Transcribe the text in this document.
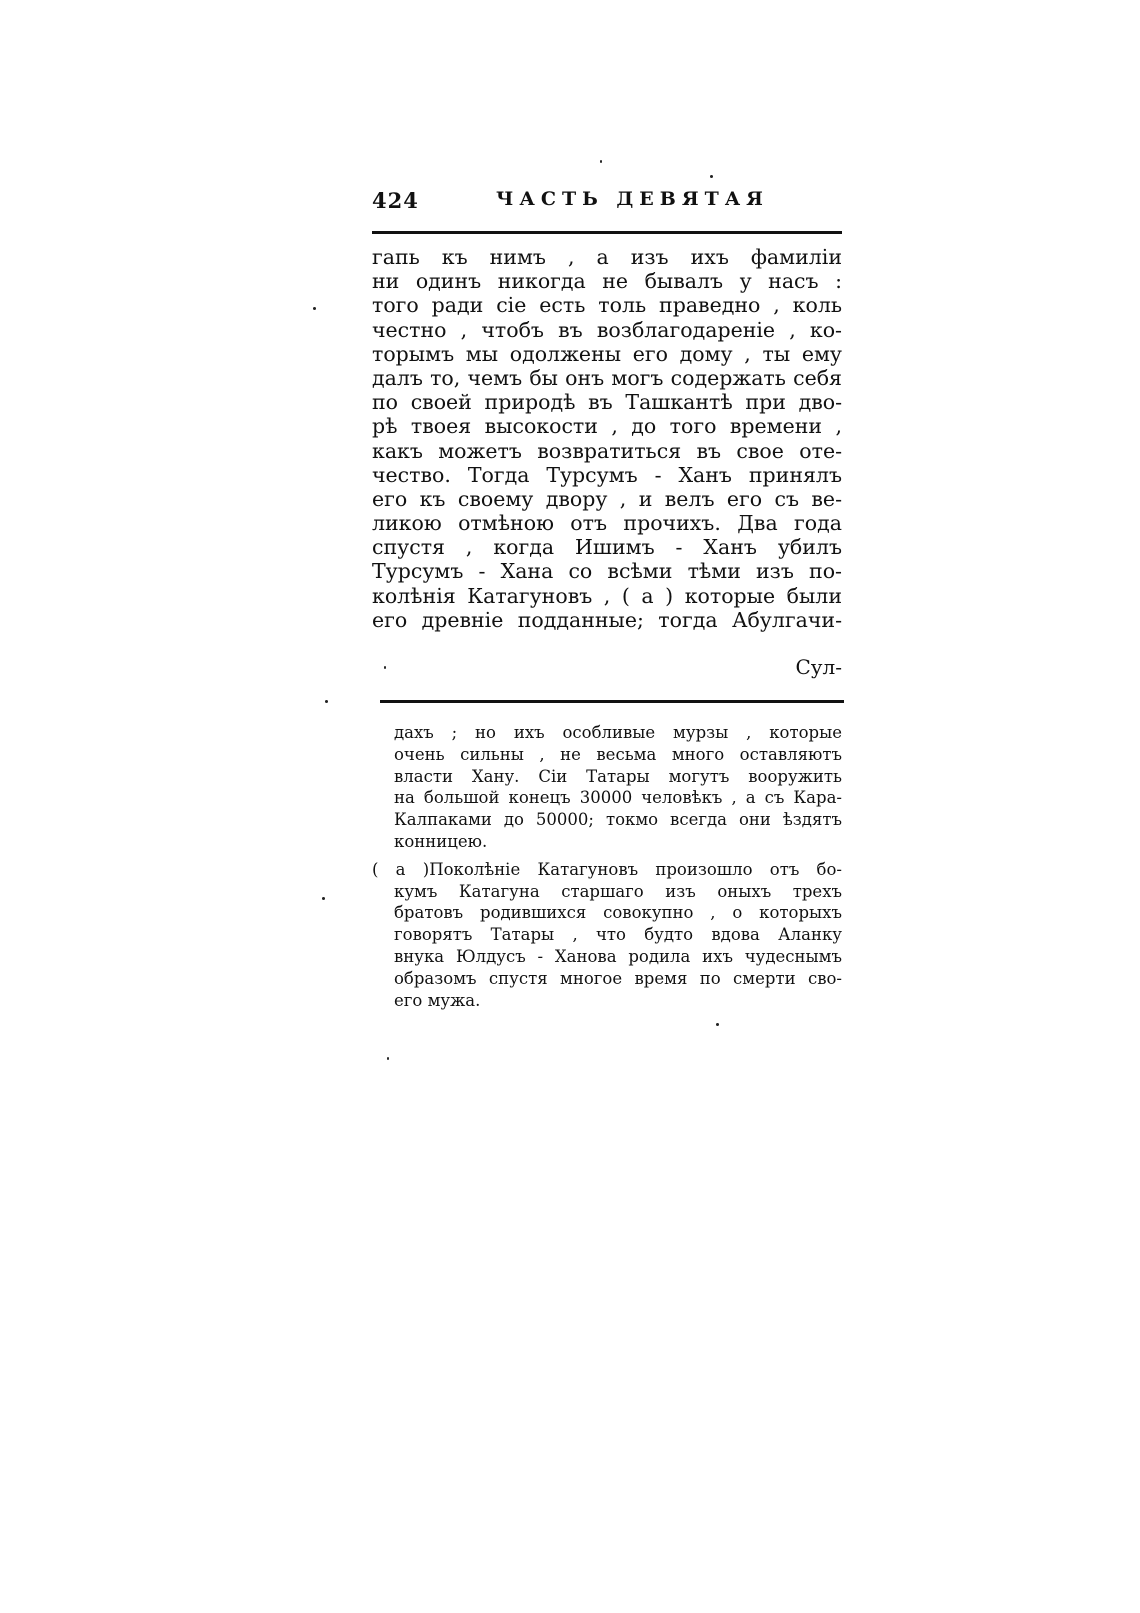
424	ЧАСТЬ ДЕВЯТАЯ
гапь къ нимъ , а изъ ихъ фамиліи
ни одинъ никогда не бывалъ у насъ :
того ради сіе есть толь праведно , коль
честно , чтобъ въ возблагодареніе , ко-
торымъ мы одолжены его дому , ты ему
далъ то, чемъ бы онъ могъ содержать себя
по своей природѣ въ Ташкантѣ при дво-
рѣ твоея высокости , до того времени ,
какъ можетъ возвратиться въ свое оте-
чество. Тогда Турсумъ - Ханъ принялъ
его къ своему двору , и велъ его съ ве-
ликою отмѣною отъ прочихъ. Два года
спустя , когда Ишимъ - Ханъ убилъ
Турсумъ - Хана со всѣми тѣми изъ по-
колѣнія Катагуновъ , ( а ) которые были
его древніе подданные; тогда Абулгачи-
Сул-
дахъ ; но ихъ особливые мурзы , которые
очень сильны , не весьма много оставляютъ
власти Хану. Сіи Татары могутъ вооружить
на большой конецъ 30000 человѣкъ , а съ Кара-
Калпаками до 50000; токмо всегда они ѣздятъ
конницею.
( а )Поколѣніе Катагуновъ произошло отъ бо-
кумъ Катагуна старшаго изъ оныхъ трехъ
братовъ родившихся совокупно , о которыхъ
говорятъ Татары , что будто вдова Аланку
внука Юлдусъ - Ханова родила ихъ чудеснымъ
образомъ спустя многое время по смерти сво-
его мужа.
